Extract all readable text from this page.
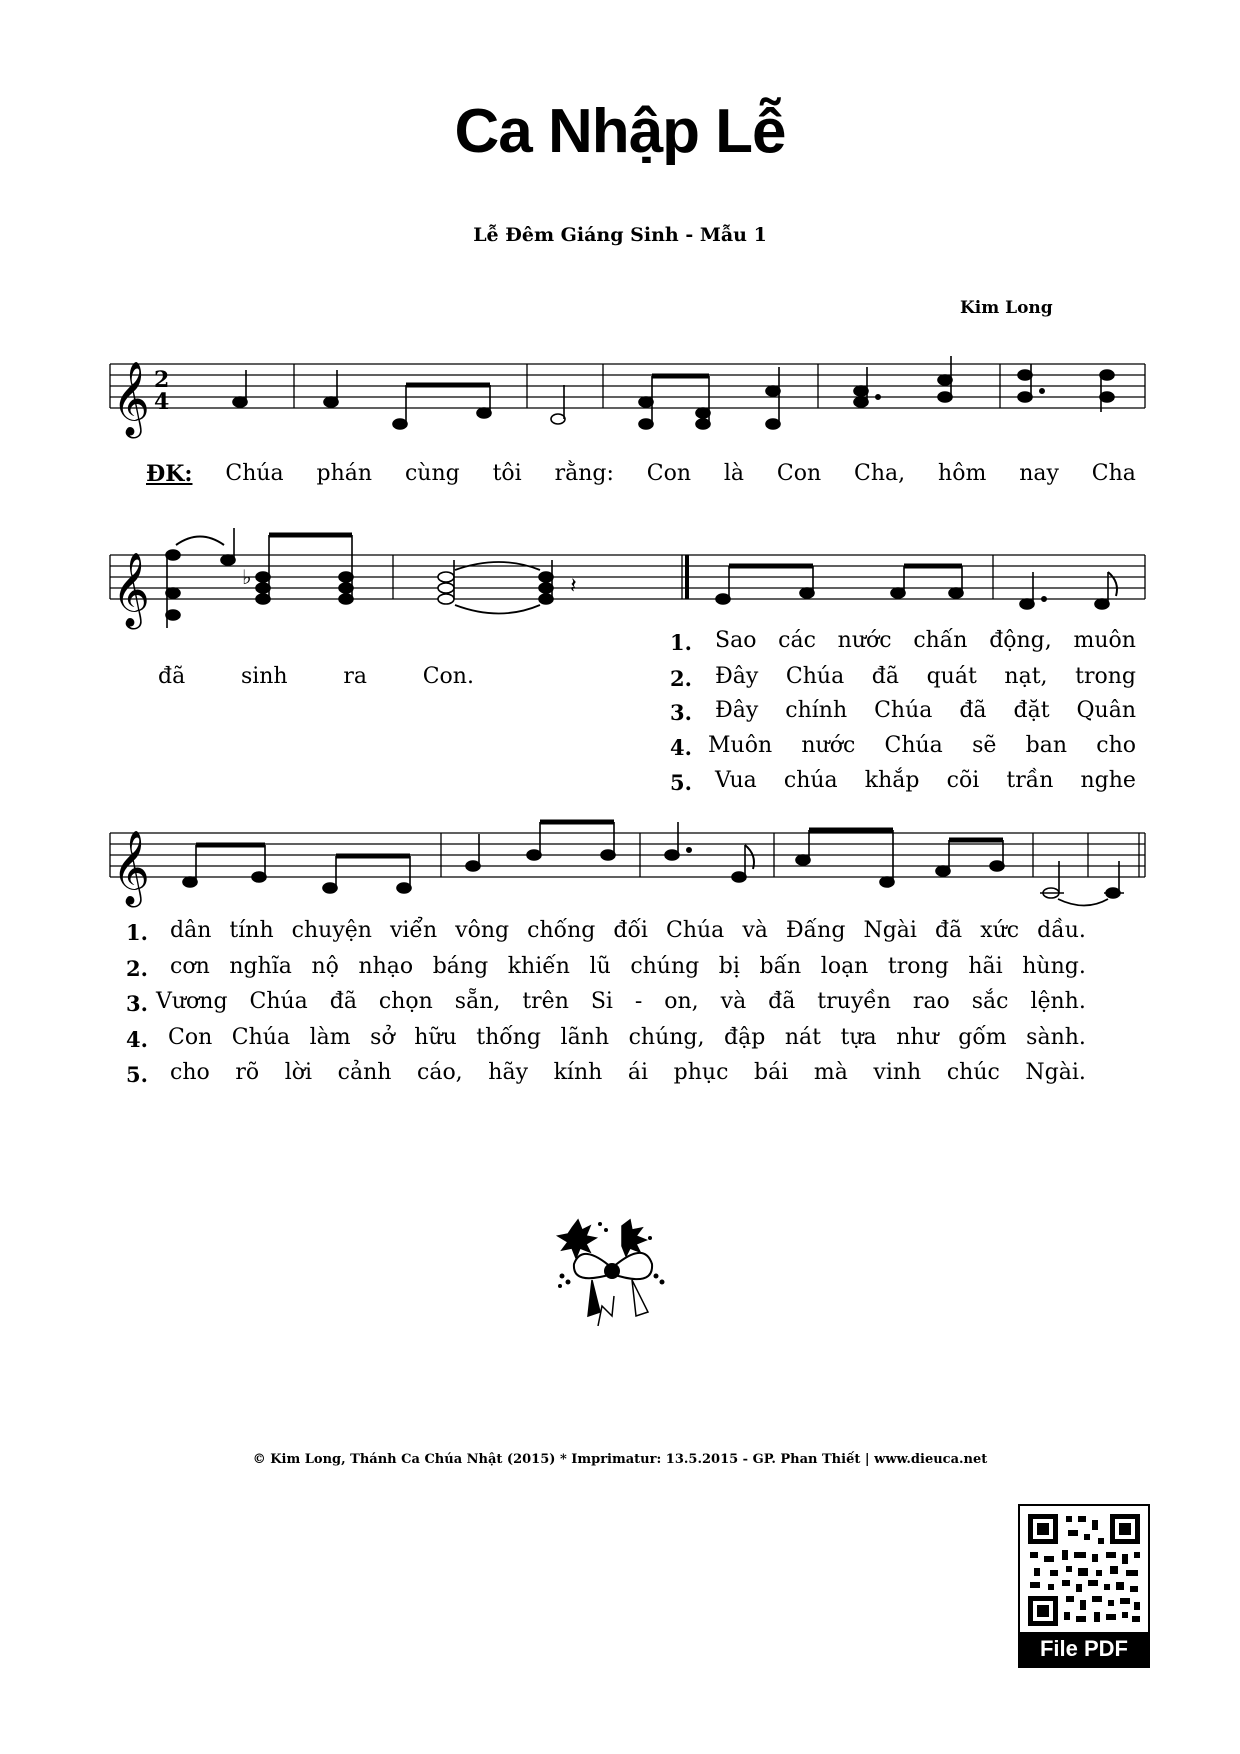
Ca Nhập Lễ
Lễ Đêm Giáng Sinh - Mẫu 1
Kim Long
𝄞 2
4
ĐK: Chúa phán cùng tôi rằng: Con là Con Cha, hôm nay Cha
𝄞	♭	𝄽
đã	sinh	ra	Con.
1. Sao các nước chấn động, muôn
2. Đây Chúa đã quát nạt, trong
3. Đây chính Chúa đã đặt Quân
4. Muôn nước Chúa sẽ ban cho
5. Vua chúa khắp cõi trần nghe
𝄞
1. dân tính chuyện viển vông chống đối Chúa và Đấng Ngài đã xức dầu.
2. cơn nghĩa nộ nhạo báng khiến lũ chúng bị bấn loạn trong hãi hùng.
3. Vương Chúa đã chọn sẵn, trên Si - on, và đã truyền rao sắc lệnh.
4. Con Chúa làm sở hữu thống lãnh chúng, đập nát tựa như gốm sành.
5. cho rõ lời cảnh cáo, hãy kính ái phục bái mà vinh chúc Ngài.
© Kim Long, Thánh Ca Chúa Nhật (2015) * Imprimatur: 13.5.2015 - GP. Phan Thiết | www.dieuca.net
File PDF
